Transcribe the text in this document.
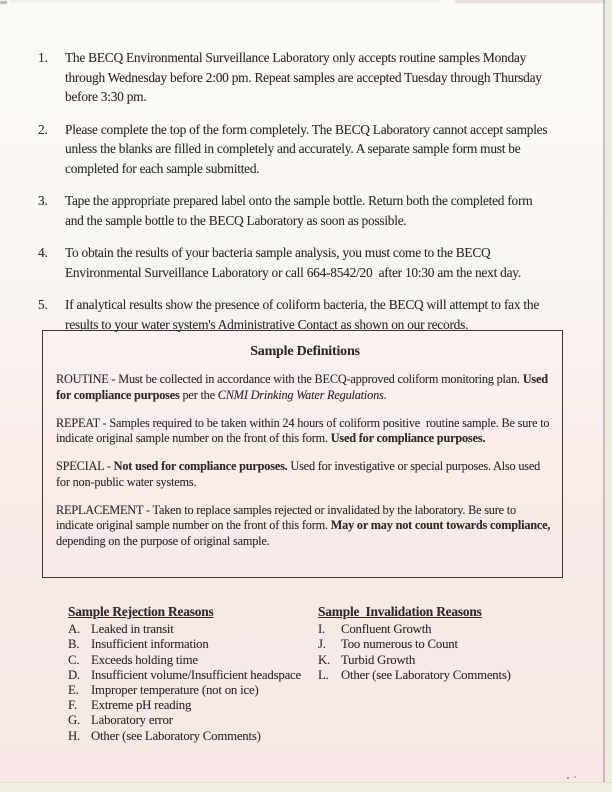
1.	The BECQ Environmental Surveillance Laboratory only accepts routine samples Monday through Wednesday before 2:00 pm. Repeat samples are accepted Tuesday through Thursday before 3:30 pm.
2.	Please complete the top of the form completely. The BECQ Laboratory cannot accept samples unless the blanks are filled in completely and accurately. A separate sample form must be completed for each sample submitted.
3.	Tape the appropriate prepared label onto the sample bottle. Return both the completed form and the sample bottle to the BECQ Laboratory as soon as possible.
4.	To obtain the results of your bacteria sample analysis, you must come to the BECQ Environmental Surveillance Laboratory or call 664-8542/20  after 10:30 am the next day.
5.	If analytical results show the presence of coliform bacteria, the BECQ will attempt to fax the results to your water system's Administrative Contact as shown on our records.
Sample Definitions

ROUTINE - Must be collected in accordance with the BECQ-approved coliform monitoring plan. Used for compliance purposes per the CNMI Drinking Water Regulations.

REPEAT - Samples required to be taken within 24 hours of coliform positive  routine sample. Be sure to indicate original sample number on the front of this form. Used for compliance purposes.

SPECIAL - Not used for compliance purposes. Used for investigative or special purposes. Also used for non-public water systems.

REPLACEMENT - Taken to replace samples rejected or invalidated by the laboratory. Be sure to indicate original sample number on the front of this form. May or may not count towards compliance, depending on the purpose of original sample.

Sample Rejection Reasons
A. Leaked in transit
B. Insufficient information
C. Exceeds holding time
D. Insufficient volume/Insufficient headspace
E. Improper temperature (not on ice)
F.	Extreme pH reading
G. Laboratory error
H. Other (see Laboratory Comments)
Sample  Invalidation Reasons
I.	Confluent Growth
J.	Too numerous to Count
K. Turbid Growth
L. Other (see Laboratory Comments)
